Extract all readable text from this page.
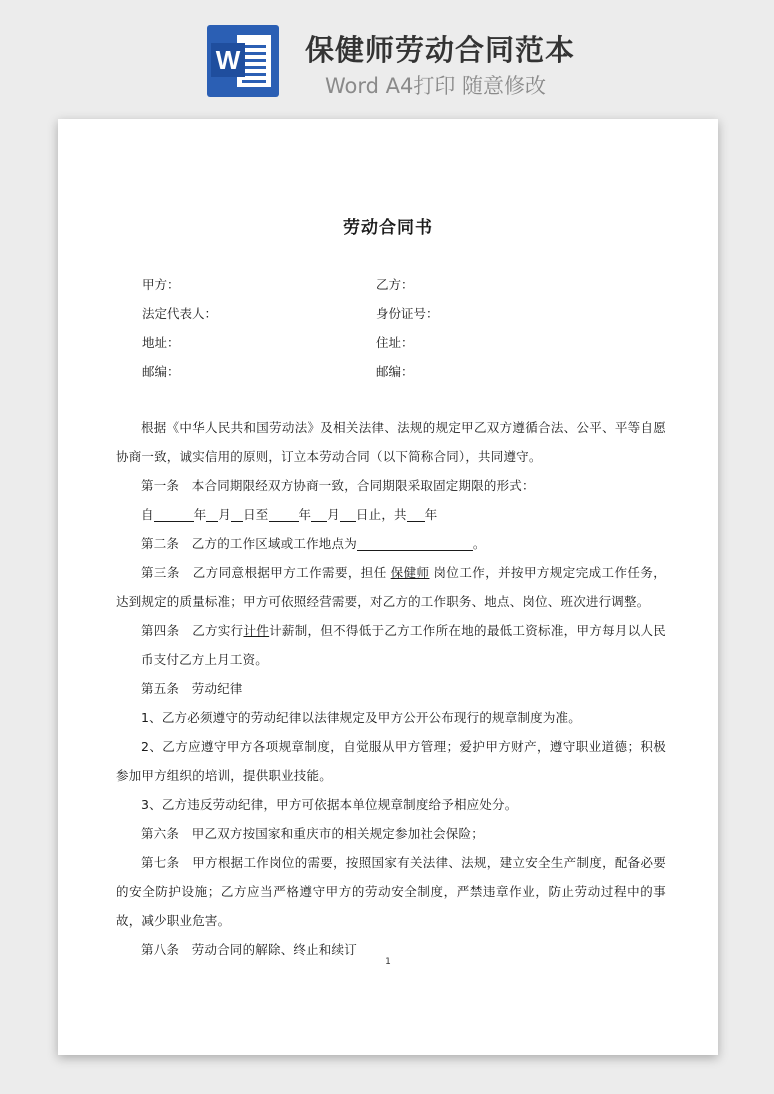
W 保健师劳动合同范本
Word A4打印 随意修改
劳动合同书
甲方：	乙方：
法定代表人：	身份证号：
地址：	住址：
邮编：	邮编：
根据《中华人民共和国劳动法》及相关法律、法规的规定甲乙双方遵循合法、公平、平等自愿协商一致，诚实信用的原则，订立本劳动合同（以下简称合同），共同遵守。
第一条　本合同期限经双方协商一致，合同期限采取固定期限的形式：
自	年 月 日至 年 月 日止，共 年
第二条　乙方的工作区域或工作地点为	。
第三条　乙方同意根据甲方工作需要，担任 保健师 岗位工作，并按甲方规定完成工作任务，达到规定的质量标准；甲方可依照经营需要，对乙方的工作职务、地点、岗位、班次进行调整。
第四条　乙方实行计件计薪制，但不得低于乙方工作所在地的最低工资标准，甲方每月以人民币支付乙方上月工资。
第五条　劳动纪律
1、乙方必须遵守的劳动纪律以法律规定及甲方公开公布现行的规章制度为准。
2、乙方应遵守甲方各项规章制度，自觉服从甲方管理；爱护甲方财产，遵守职业道德；积极参加甲方组织的培训，提供职业技能。
3、乙方违反劳动纪律，甲方可依据本单位规章制度给予相应处分。
第六条　甲乙双方按国家和重庆市的相关规定参加社会保险；
第七条　甲方根据工作岗位的需要，按照国家有关法律、法规，建立安全生产制度，配备必要的安全防护设施；乙方应当严格遵守甲方的劳动安全制度，严禁违章作业，防止劳动过程中的事故，减少职业危害。
第八条　劳动合同的解除、终止和续订
1
